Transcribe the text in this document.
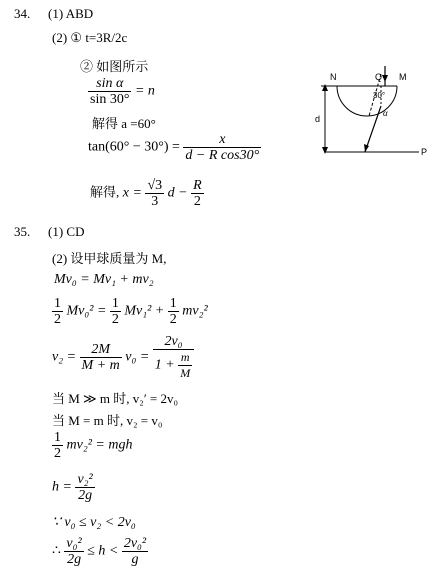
34. (1) ABD
(2) ① t=3R/2c
② 如图所示
$\frac{\text{sin α}}{\sin 30^\circ} = n$
解得 a =60°
$\tan(60^\circ - 30^\circ) = \frac{x}{\text{d − R cos30°}}$
解得, $x = \frac{√3}{3}$ $d - \frac{R}{2}$
N	Q M
P
30°
α
d
35. (1) CD
(2) 设甲球质量为 M,
Mv₀ = Mv₁ + mv₂
$\frac{1}{2} Mv_0^2 = \frac{1}{2} Mv_1^2 + \frac{1}{2} mv_2^2$
$v_2 = \frac{2M}{M + m} v_0 = \frac{\text{2v₀}}{1 + \frac{m}{M}}$
当 M ≫ m 时, v₂′ = 2v₀
当 M = m 时, v₂ = v₀
$\frac{1}{2} mv_2^2$ = mgh
$h = \frac{\text{v₂²}}{2g}$
∵ v₀ ≤ v₂ < 2v₀
∴ $\frac{\text{v₀²}}{2g} \le h < \frac{\text{2v₀²}}{g}$
